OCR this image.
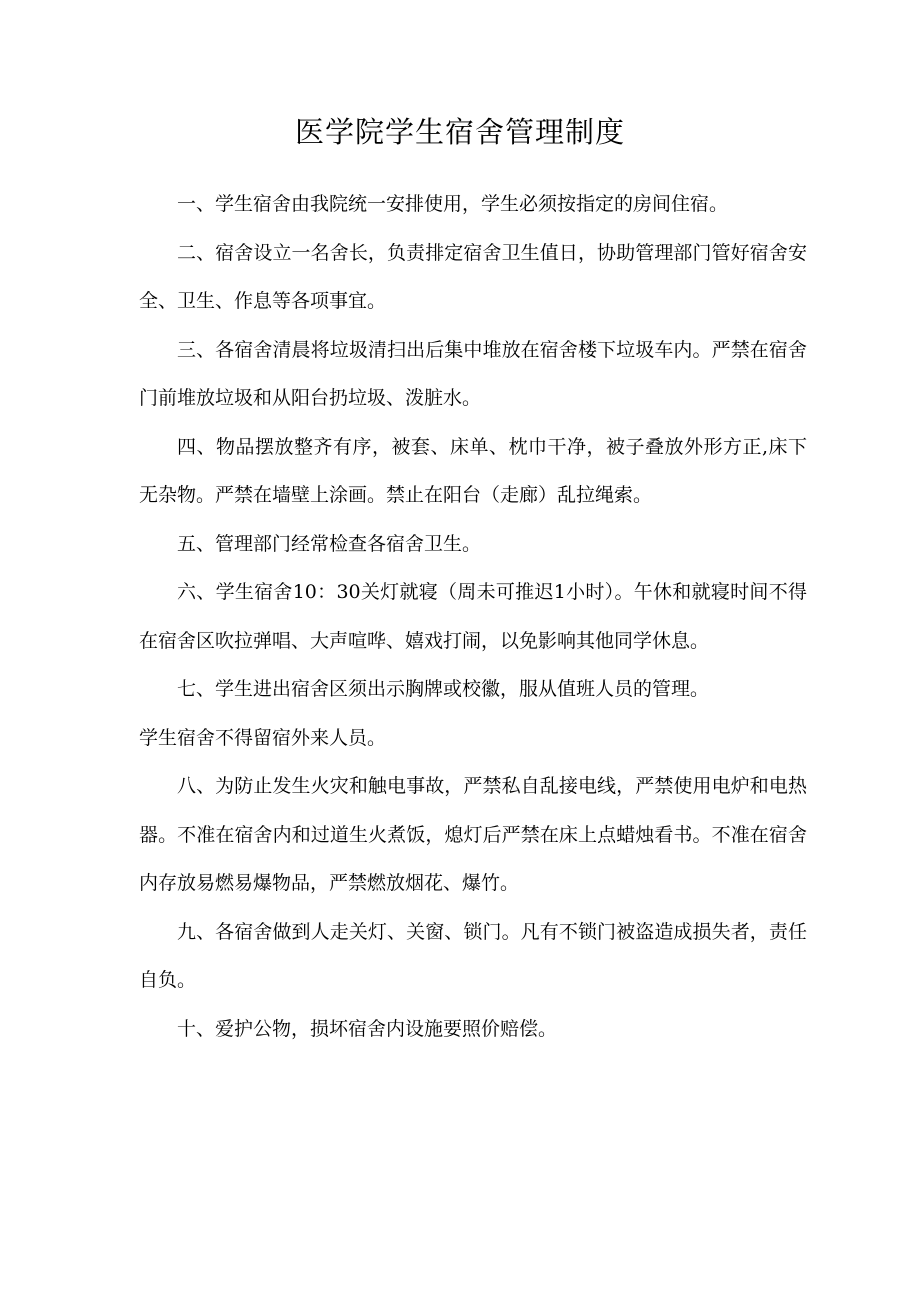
医学院学生宿舍管理制度

一、学生宿舍由我院统一安排使用，学生必须按指定的房间住宿。

二、宿舍设立一名舍长，负责排定宿舍卫生值日，协助管理部门管好宿舍安全、卫生、作息等各项事宜。

三、各宿舍清晨将垃圾清扫出后集中堆放在宿舍楼下垃圾车内。严禁在宿舍门前堆放垃圾和从阳台扔垃圾、泼脏水。

四、物品摆放整齐有序，被套、床单、枕巾干净，被子叠放外形方正,床下无杂物。严禁在墙壁上涂画。禁止在阳台（走廊）乱拉绳索。

五、管理部门经常检查各宿舍卫生。

六、学生宿舍10：30关灯就寝（周未可推迟1小时）。午休和就寝时间不得在宿舍区吹拉弹唱、大声喧哗、嬉戏打闹，以免影响其他同学休息。

七、学生进出宿舍区须出示胸牌或校徽，服从值班人员的管理。

学生宿舍不得留宿外来人员。

八、为防止发生火灾和触电事故，严禁私自乱接电线，严禁使用电炉和电热器。不准在宿舍内和过道生火煮饭，熄灯后严禁在床上点蜡烛看书。不准在宿舍内存放易燃易爆物品，严禁燃放烟花、爆竹。

九、各宿舍做到人走关灯、关窗、锁门。凡有不锁门被盗造成损失者，责任自负。

十、爱护公物，损坏宿舍内设施要照价赔偿。
